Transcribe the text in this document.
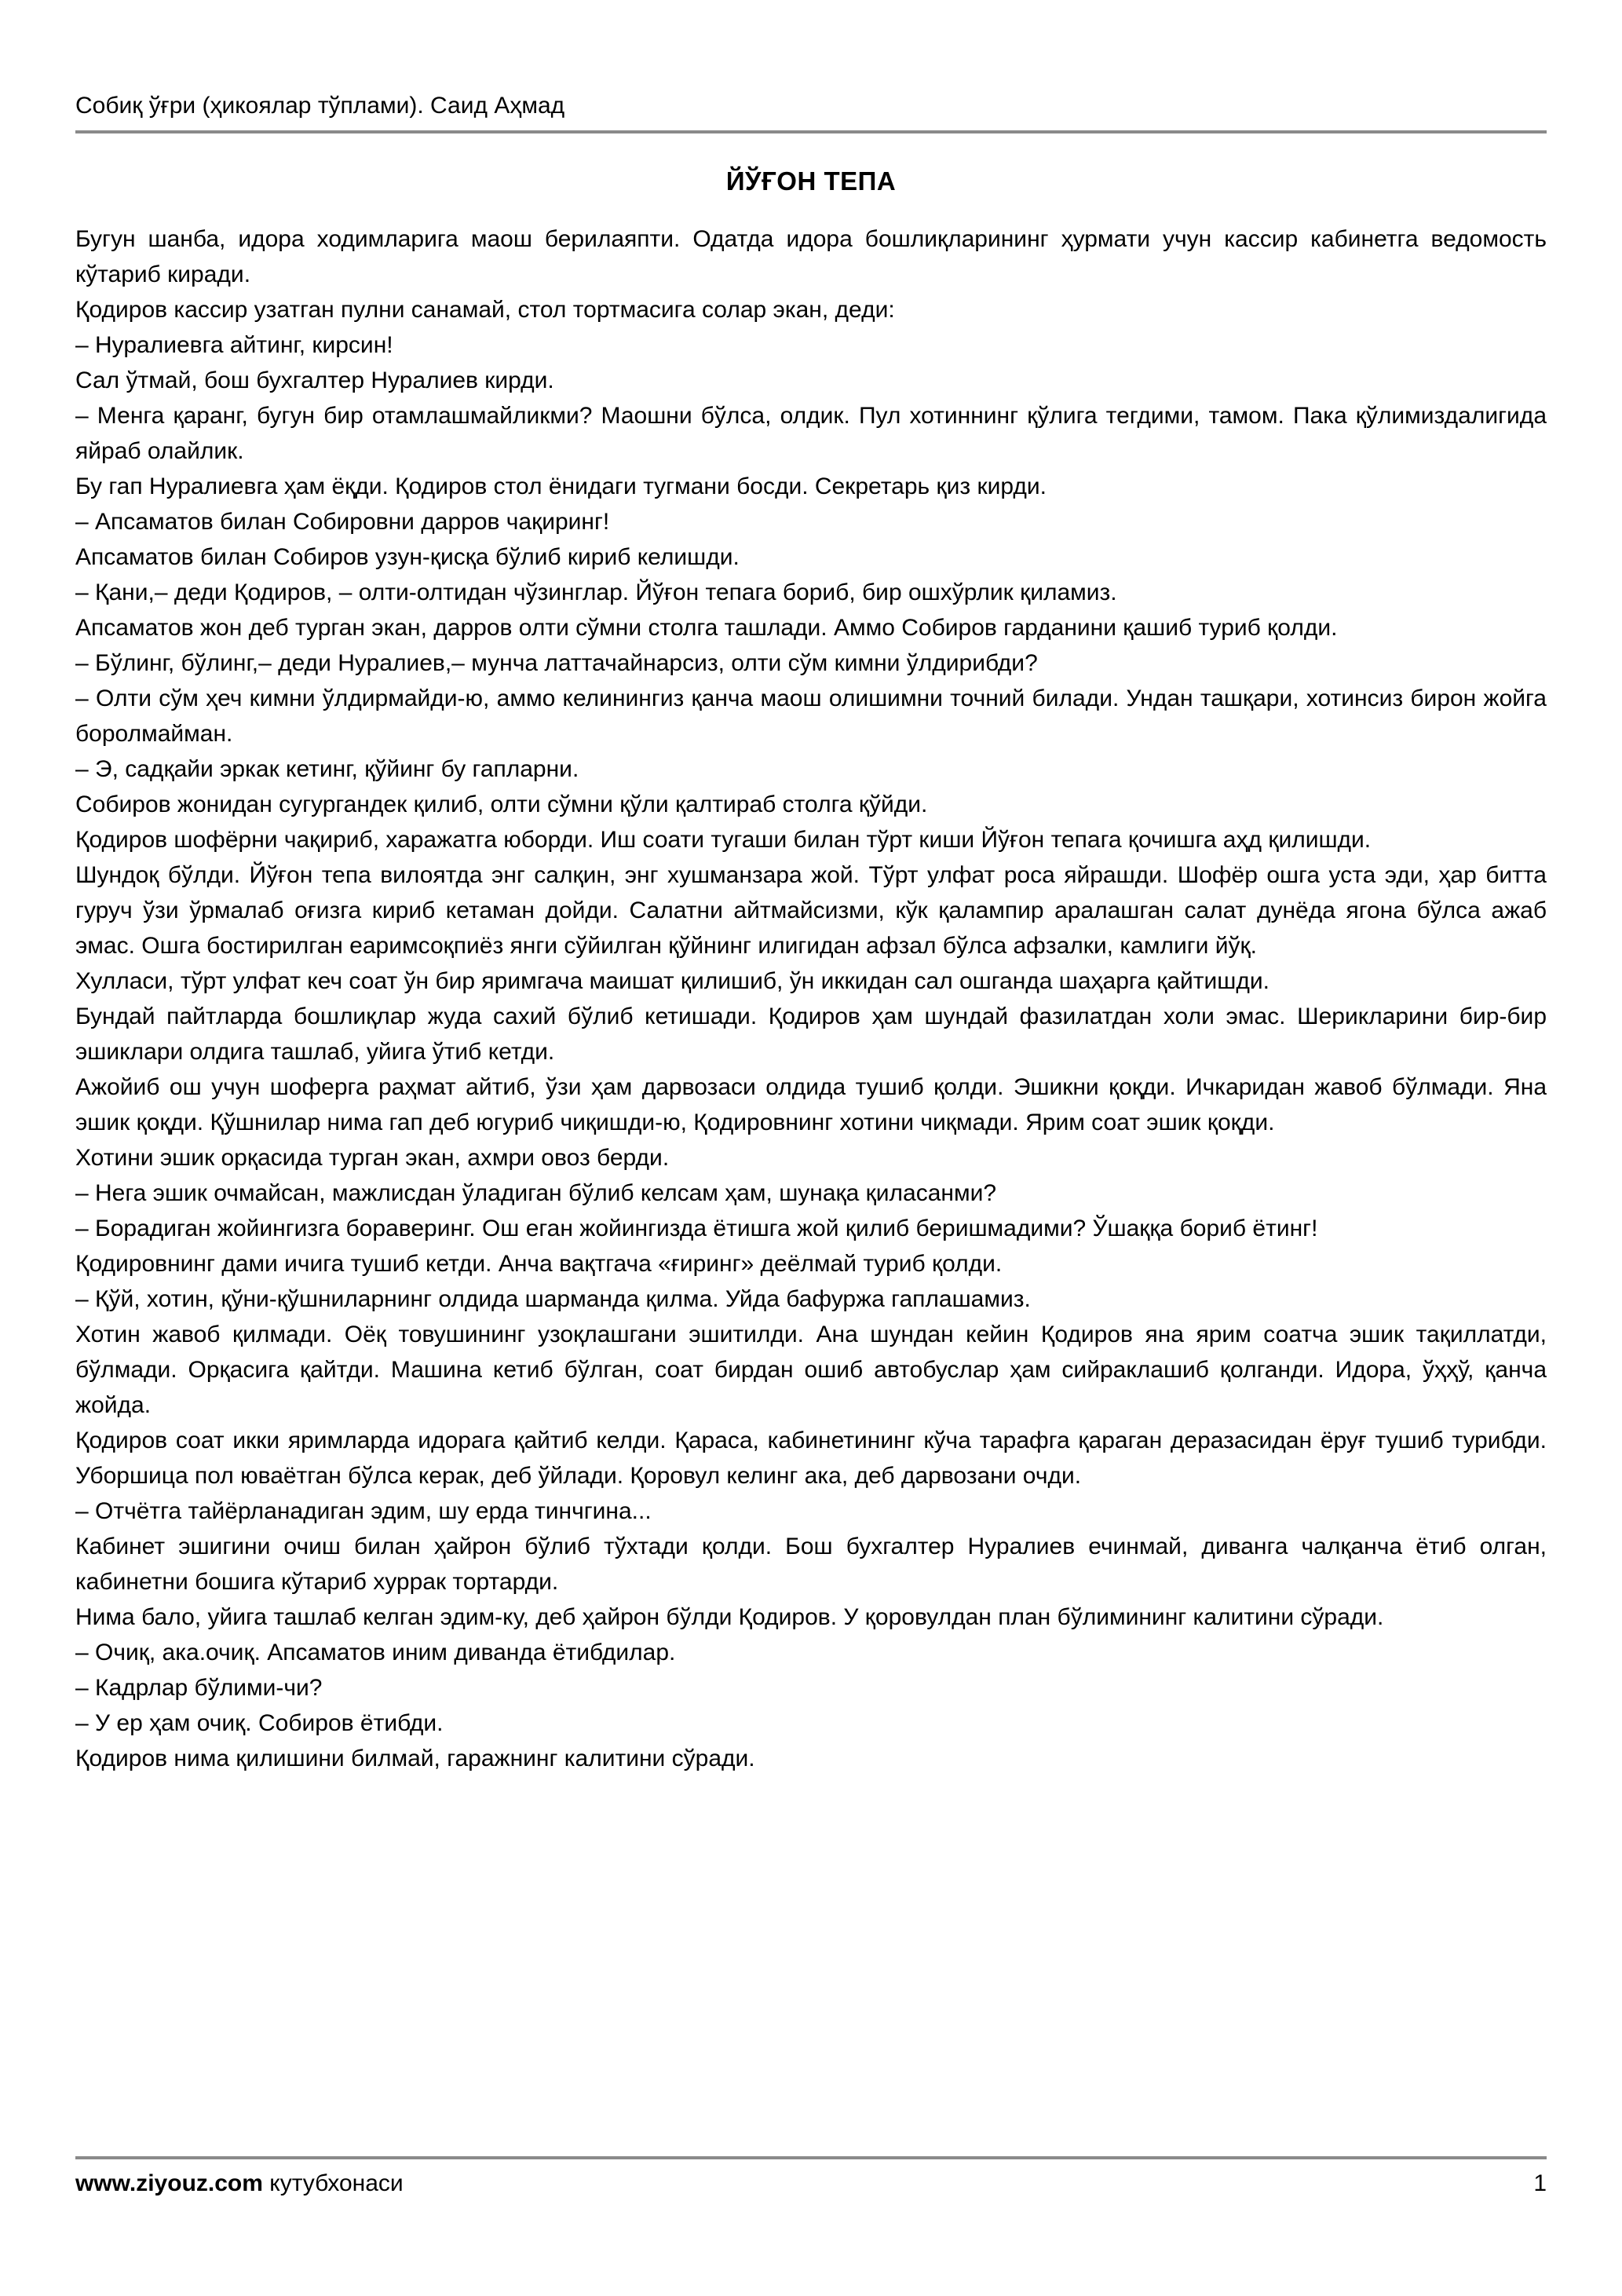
Собиқ ўғри (ҳикоялар тўплами). Саид Аҳмад
ЙЎҒОН ТЕПА

Бугун шанба, идора ходимларига маош берилаяпти. Одатда идора бошлиқларининг ҳурмати учун кассир кабинетга ведомость кўтариб киради.

Қодиров кассир узатган пулни санамай, стол тортмасига солар экан, деди:

– Нуралиевга айтинг, кирсин!

Сал ўтмай, бош бухгалтер Нуралиев кирди.

– Менга қаранг, бугун бир отамлашмайликми? Маошни бўлса, олдик. Пул хотиннинг қўлига тегдими, тамом. Пака қўлимиздалигида яйраб олайлик.

Бу гап Нуралиевга ҳам ёқди. Қодиров стол ёнидаги тугмани босди. Секретарь қиз кирди.

– Апсаматов билан Собировни дарров чақиринг!

Апсаматов билан Собиров узун-қисқа бўлиб кириб келишди.

– Қани,– деди Қодиров, – олти-олтидан чўзинглар. Йўғон тепага бориб, бир ошхўрлик қиламиз.

Апсаматов жон деб турган экан, дарров олти сўмни столга ташлади. Аммо Собиров гарданини қашиб туриб қолди.

– Бўлинг, бўлинг,– деди Нуралиев,– мунча латтачайнарсиз, олти сўм кимни ўлдирибди?

– Олти сўм ҳеч кимни ўлдирмайди-ю, аммо келинингиз қанча маош олишимни точний билади. Ундан ташқари, хотинсиз бирон жойга боролмайман.

– Э, садқайи эркак кетинг, қўйинг бу гапларни.

Собиров жонидан сугургандек қилиб, олти сўмни қўли қалтираб столга қўйди.

Қодиров шофёрни чақириб, харажатга юборди. Иш соати тугаши билан тўрт киши Йўғон тепага қочишга аҳд қилишди.

Шундоқ бўлди. Йўғон тепа вилоятда энг салқин, энг хушманзара жой. Тўрт улфат роса яйрашди. Шофёр ошга уста эди, ҳар битта гуруч ўзи ўрмалаб оғизга кириб кетаман дойди. Салатни айтмайсизми, кўк қалампир аралашган салат дунёда ягона бўлса ажаб эмас. Ошга бостирилган еаримсоқпиёз янги сўйилган қўйнинг илигидан афзал бўлса афзалки, камлиги йўқ.

Хулласи, тўрт улфат кеч соат ўн бир яримгача маишат қилишиб, ўн иккидан сал ошганда шаҳарга қайтишди.

Бундай пайтларда бошлиқлар жуда сахий бўлиб кетишади. Қодиров ҳам шундай фазилатдан холи эмас. Шерикларини бир-бир эшиклари олдига ташлаб, уйига ўтиб кетди.

Ажойиб ош учун шоферга раҳмат айтиб, ўзи ҳам дарвозаси олдида тушиб қолди. Эшикни қоқди. Ичкаридан жавоб бўлмади. Яна эшик қоқди. Қўшнилар нима гап деб югуриб чиқишди-ю, Қодировнинг хотини чиқмади. Ярим соат эшик қоқди.

Хотини эшик орқасида турган экан, ахмри овоз берди.

– Нега эшик очмайсан, мажлисдан ўладиган бўлиб келсам ҳам, шунақа қиласанми?

– Борадиган жойингизга бораверинг. Ош еган жойингизда ётишга жой қилиб беришмадими? Ўшаққа бориб ётинг!

Қодировнинг дами ичига тушиб кетди. Анча вақтгача «ғиринг» деёлмай туриб қолди.

– Қўй, хотин, қўни-қўшниларнинг олдида шарманда қилма. Уйда бафуржа гаплашамиз.

Хотин жавоб қилмади. Оёқ товушининг узоқлашгани эшитилди. Ана шундан кейин Қодиров яна ярим соатча эшик тақиллатди, бўлмади. Орқасига қайтди. Машина кетиб бўлган, соат бирдан ошиб автобуслар ҳам сийраклашиб қолганди. Идора, ўҳҳў, қанча жойда.

Қодиров соат икки яримларда идорага қайтиб келди. Қараса, кабинетининг кўча тарафга қараган деразасидан ёруғ тушиб турибди. Уборшица пол юваётган бўлса керак, деб ўйлади. Қоровул келинг ака, деб дарвозани очди.

– Отчётга тайёрланадиган эдим, шу ерда тинчгина...

Кабинет эшигини очиш билан ҳайрон бўлиб тўхтади қолди. Бош бухгалтер Нуралиев ечинмай, диванга чалқанча ётиб олган, кабинетни бошига кўтариб хуррак тортарди.

Нима бало, уйига ташлаб келган эдим-ку, деб ҳайрон бўлди Қодиров. У қоровулдан план бўлимининг калитини сўради.

– Очиқ, ака.очиқ. Апсаматов иним диванда ётибдилар.

– Кадрлар бўлими-чи?

– У ер ҳам очиқ. Собиров ётибди.

Қодиров нима қилишини билмай, гаражнинг калитини сўради.

www.ziyouz.com кутубхонаси	1
